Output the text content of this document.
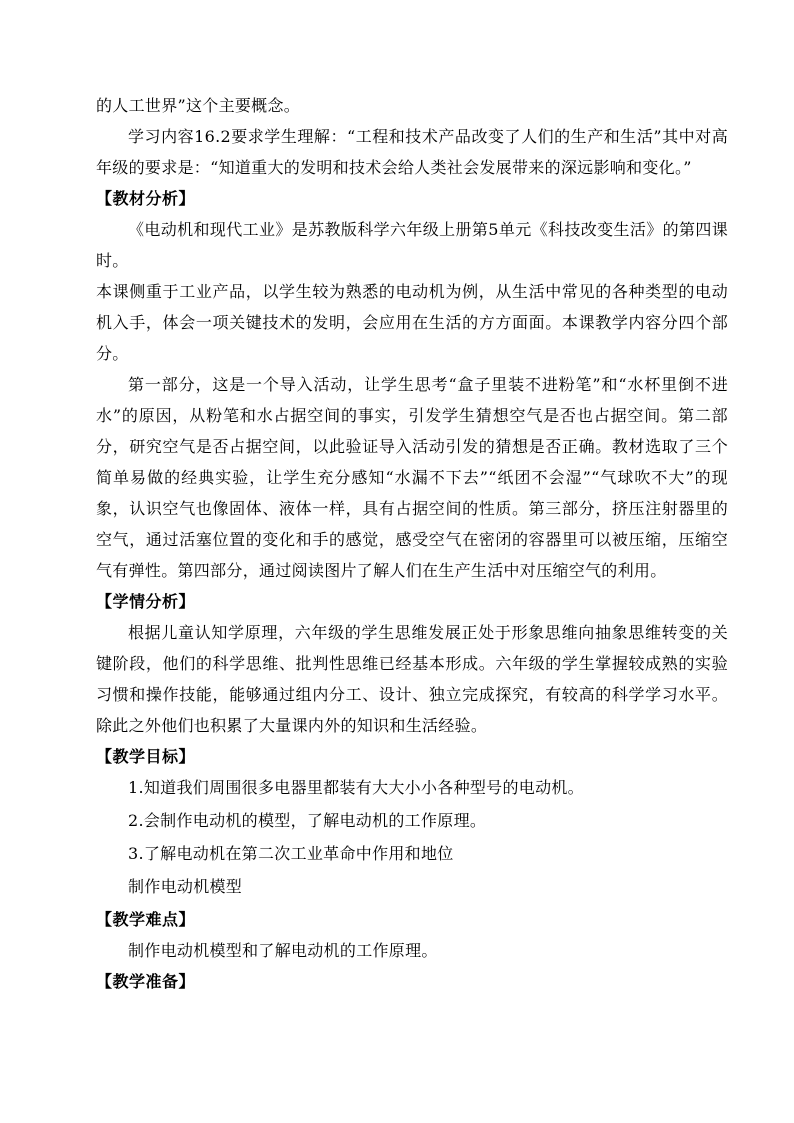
的人工世界”这个主要概念。

学习内容16.2要求学生理解：“工程和技术产品改变了人们的生产和生活”其中对高年级的要求是：“知道重大的发明和技术会给人类社会发展带来的深远影响和变化。”

【教材分析】

《电动机和现代工业》是苏教版科学六年级上册第5单元《科技改变生活》的第四课时。

本课侧重于工业产品，以学生较为熟悉的电动机为例，从生活中常见的各种类型的电动机入手，体会一项关键技术的发明，会应用在生活的方方面面。本课教学内容分四个部分。

第一部分，这是一个导入活动，让学生思考“盒子里装不进粉笔”和“水杯里倒不进水”的原因，从粉笔和水占据空间的事实，引发学生猜想空气是否也占据空间。第二部分，研究空气是否占据空间，以此验证导入活动引发的猜想是否正确。教材选取了三个简单易做的经典实验，让学生充分感知“水漏不下去”“纸团不会湿”“气球吹不大”的现象，认识空气也像固体、液体一样，具有占据空间的性质。第三部分，挤压注射器里的空气，通过活塞位置的变化和手的感觉，感受空气在密闭的容器里可以被压缩，压缩空气有弹性。第四部分，通过阅读图片了解人们在生产生活中对压缩空气的利用。

【学情分析】

根据儿童认知学原理，六年级的学生思维发展正处于形象思维向抽象思维转变的关键阶段，他们的科学思维、批判性思维已经基本形成。六年级的学生掌握较成熟的实验习惯和操作技能，能够通过组内分工、设计、独立完成探究，有较高的科学学习水平。除此之外他们也积累了大量课内外的知识和生活经验。

【教学目标】

1.知道我们周围很多电器里都装有大大小小各种型号的电动机。

2.会制作电动机的模型，了解电动机的工作原理。

3.了解电动机在第二次工业革命中作用和地位

制作电动机模型

【教学难点】

制作电动机模型和了解电动机的工作原理。

【教学准备】
